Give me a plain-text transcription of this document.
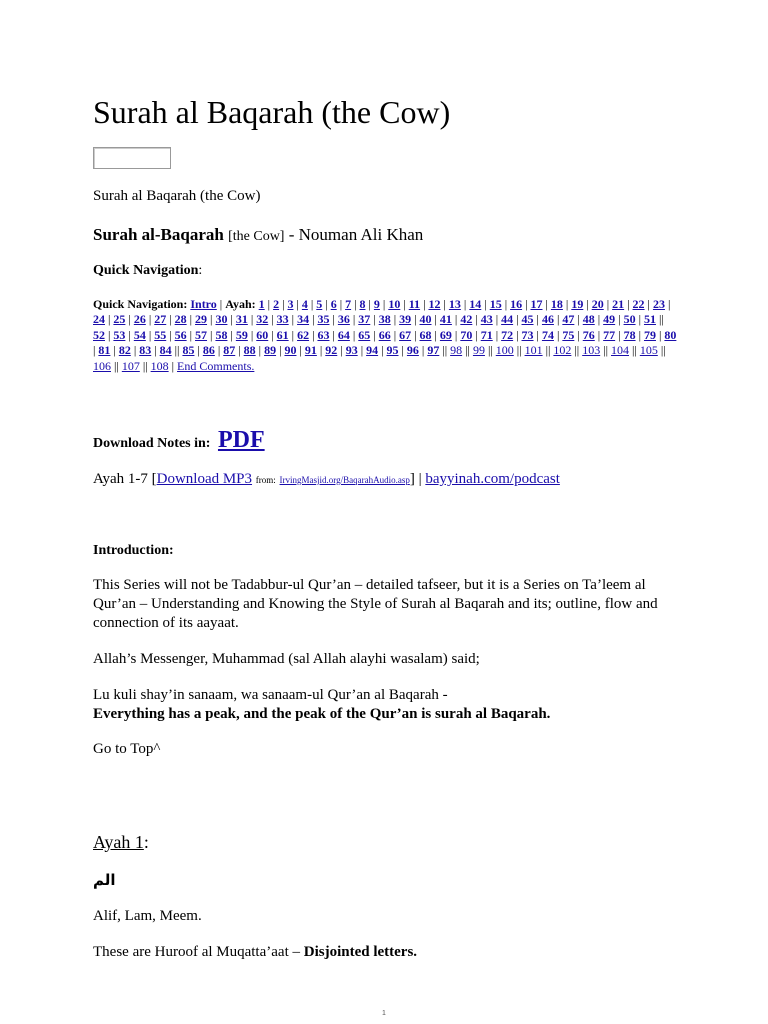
Surah al Baqarah (the Cow)
Surah al Baqarah (the Cow)
Surah al-Baqarah [the Cow] - Nouman Ali Khan
Quick Navigation:
Quick Navigation: Intro | Ayah: 1 | 2 | 3 | 4 | 5 | 6 | 7 | 8 | 9 | 10 | 11 | 12 | 13 | 14 | 15 | 16 | 17 | 18 | 19 | 20 | 21 | 22 | 23 | 24 | 25 | 26 | 27 | 28 | 29 | 30 | 31 | 32 | 33 | 34 | 35 | 36 | 37 | 38 | 39 | 40 | 41 | 42 | 43 | 44 | 45 | 46 | 47 | 48 | 49 | 50 | 51 || 52 | 53 | 54 | 55 | 56 | 57 | 58 | 59 | 60 | 61 | 62 | 63 | 64 | 65 | 66 | 67 | 68 | 69 | 70 | 71 | 72 | 73 | 74 | 75 | 76 | 77 | 78 | 79 | 80 | 81 | 82 | 83 | 84 || 85 | 86 | 87 | 88 | 89 | 90 | 91 | 92 | 93 | 94 | 95 | 96 | 97 || 98 || 99 || 100 || 101 || 102 || 103 || 104 || 105 || 106 || 107 || 108 | End Comments.
Download Notes in: PDF
Ayah 1-7 [Download MP3 from: IrvingMasjid.org/BaqarahAudio.asp] | bayyinah.com/podcast
Introduction:

This Series will not be Tadabbur-ul Qur’an – detailed tafseer, but it is a Series on Ta’leem al Qur’an – Understanding and Knowing the Style of Surah al Baqarah and its; outline, flow and connection of its aayaat.

Allah’s Messenger, Muhammad (sal Allah alayhi wasalam) said;

Lu kuli shay’in sanaam, wa sanaam-ul Qur’an al Baqarah -
Everything has a peak, and the peak of the Qur’an is surah al Baqarah.
Go to Top^
Ayah 1:
الم
Alif, Lam, Meem.
These are Huroof al Muqatta’aat – Disjointed letters.
1
